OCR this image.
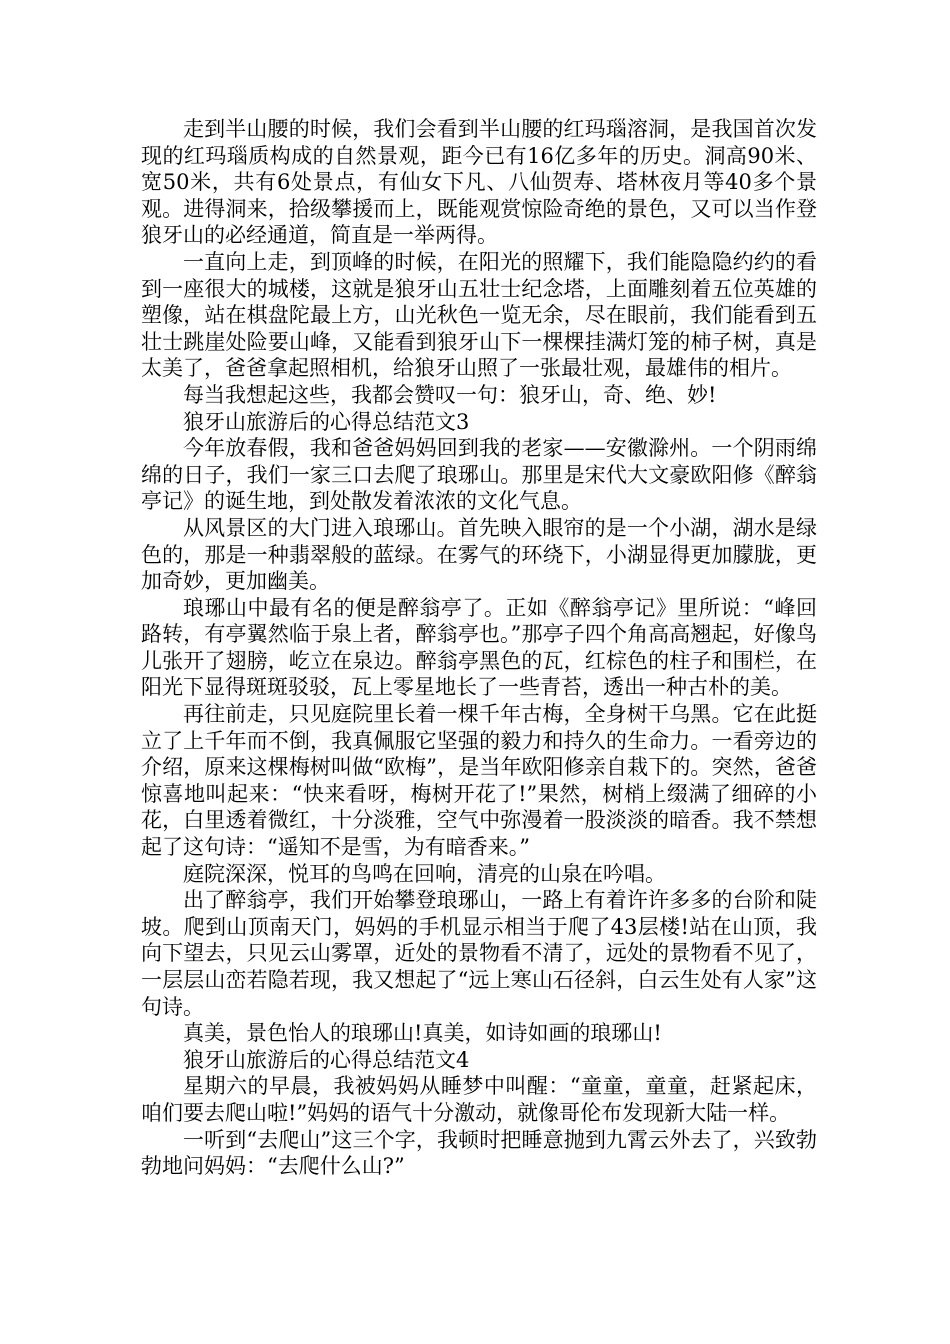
走到半山腰的时候，我们会看到半山腰的红玛瑙溶洞，是我国首次发现的红玛瑙质构成的自然景观，距今已有16亿多年的历史。洞高90米、宽50米，共有6处景点，有仙女下凡、八仙贺寿、塔林夜月等40多个景观。进得洞来，拾级攀援而上，既能观赏惊险奇绝的景色，又可以当作登狼牙山的必经通道，简直是一举两得。

一直向上走，到顶峰的时候，在阳光的照耀下，我们能隐隐约约的看到一座很大的城楼，这就是狼牙山五壮士纪念塔，上面雕刻着五位英雄的塑像，站在棋盘陀最上方，山光秋色一览无余，尽在眼前，我们能看到五壮士跳崖处险要山峰，又能看到狼牙山下一棵棵挂满灯笼的柿子树，真是太美了，爸爸拿起照相机，给狼牙山照了一张最壮观，最雄伟的相片。

每当我想起这些，我都会赞叹一句：狼牙山，奇、绝、妙!

狼牙山旅游后的心得总结范文3

今年放春假，我和爸爸妈妈回到我的老家——安徽滁州。一个阴雨绵绵的日子，我们一家三口去爬了琅琊山。那里是宋代大文豪欧阳修《醉翁亭记》的诞生地，到处散发着浓浓的文化气息。

从风景区的大门进入琅琊山。首先映入眼帘的是一个小湖，湖水是绿色的，那是一种翡翠般的蓝绿。在雾气的环绕下，小湖显得更加朦胧，更加奇妙，更加幽美。

琅琊山中最有名的便是醉翁亭了。正如《醉翁亭记》里所说：“峰回路转，有亭翼然临于泉上者，醉翁亭也。”那亭子四个角高高翘起，好像鸟儿张开了翅膀，屹立在泉边。醉翁亭黑色的瓦，红棕色的柱子和围栏，在阳光下显得斑斑驳驳，瓦上零星地长了一些青苔，透出一种古朴的美。

再往前走，只见庭院里长着一棵千年古梅，全身树干乌黑。它在此挺立了上千年而不倒，我真佩服它坚强的毅力和持久的生命力。一看旁边的介绍，原来这棵梅树叫做“欧梅”，是当年欧阳修亲自栽下的。突然，爸爸惊喜地叫起来：“快来看呀，梅树开花了!”果然，树梢上缀满了细碎的小花，白里透着微红，十分淡雅，空气中弥漫着一股淡淡的暗香。我不禁想起了这句诗：“遥知不是雪，为有暗香来。”

庭院深深，悦耳的鸟鸣在回响，清亮的山泉在吟唱。

出了醉翁亭，我们开始攀登琅琊山，一路上有着许许多多的台阶和陡坡。爬到山顶南天门，妈妈的手机显示相当于爬了43层楼!站在山顶，我向下望去，只见云山雾罩，近处的景物看不清了，远处的景物看不见了，一层层山峦若隐若现，我又想起了“远上寒山石径斜，白云生处有人家”这句诗。

真美，景色怡人的琅琊山!真美，如诗如画的琅琊山!

狼牙山旅游后的心得总结范文4

星期六的早晨，我被妈妈从睡梦中叫醒：“童童，童童，赶紧起床，咱们要去爬山啦!”妈妈的语气十分激动，就像哥伦布发现新大陆一样。

一听到“去爬山”这三个字，我顿时把睡意抛到九霄云外去了，兴致勃勃地问妈妈：“去爬什么山?”
